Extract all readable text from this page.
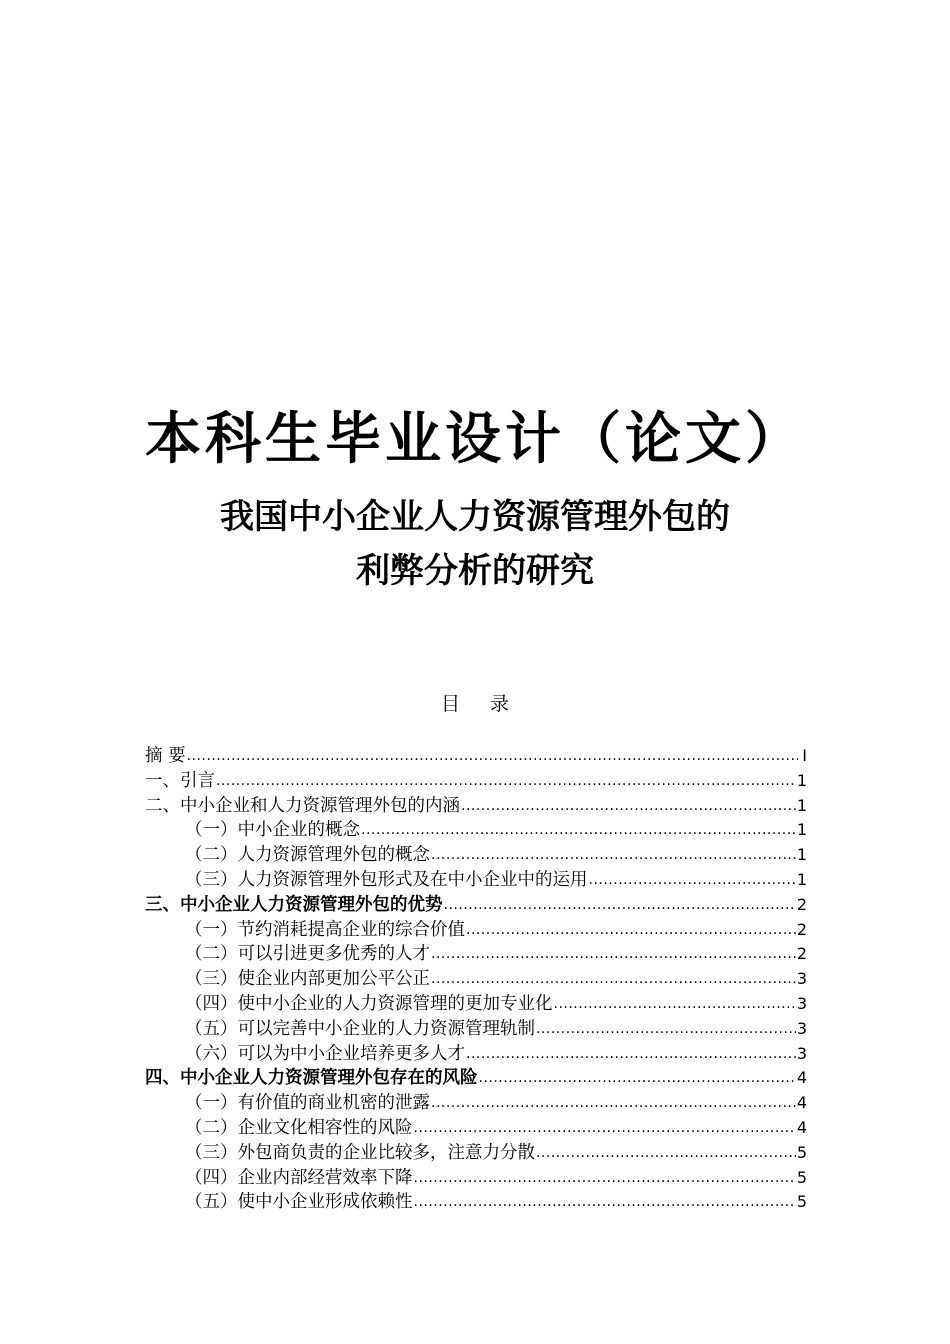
本科生毕业设计（论文）
我国中小企业人力资源管理外包的
利弊分析的研究
目 录
摘 要 .....	I
一、引言 .....	1
二、中小企业和人力资源管理外包的内涵 .....	1
（一）中小企业的概念 .....	1
（二）人力资源管理外包的概念 .....	1
（三）人力资源管理外包形式及在中小企业中的运用 .....	1
三、中小企业人力资源管理外包的优势 .....	2
（一）节约消耗提高企业的综合价值 .....	2
（二）可以引进更多优秀的人才 .....	2
（三）使企业内部更加公平公正 .....	3
（四）使中小企业的人力资源管理的更加专业化 .....	3
（五）可以完善中小企业的人力资源管理轨制 .....	3
（六）可以为中小企业培养更多人才 .....	3
四、中小企业人力资源管理外包存在的风险 .....	4
（一）有价值的商业机密的泄露 .....	4
（二）企业文化相容性的风险 .....	4
（三）外包商负责的企业比较多，注意力分散 .....	5
（四）企业内部经营效率下降 .....	5
（五）使中小企业形成依赖性 .....	5
